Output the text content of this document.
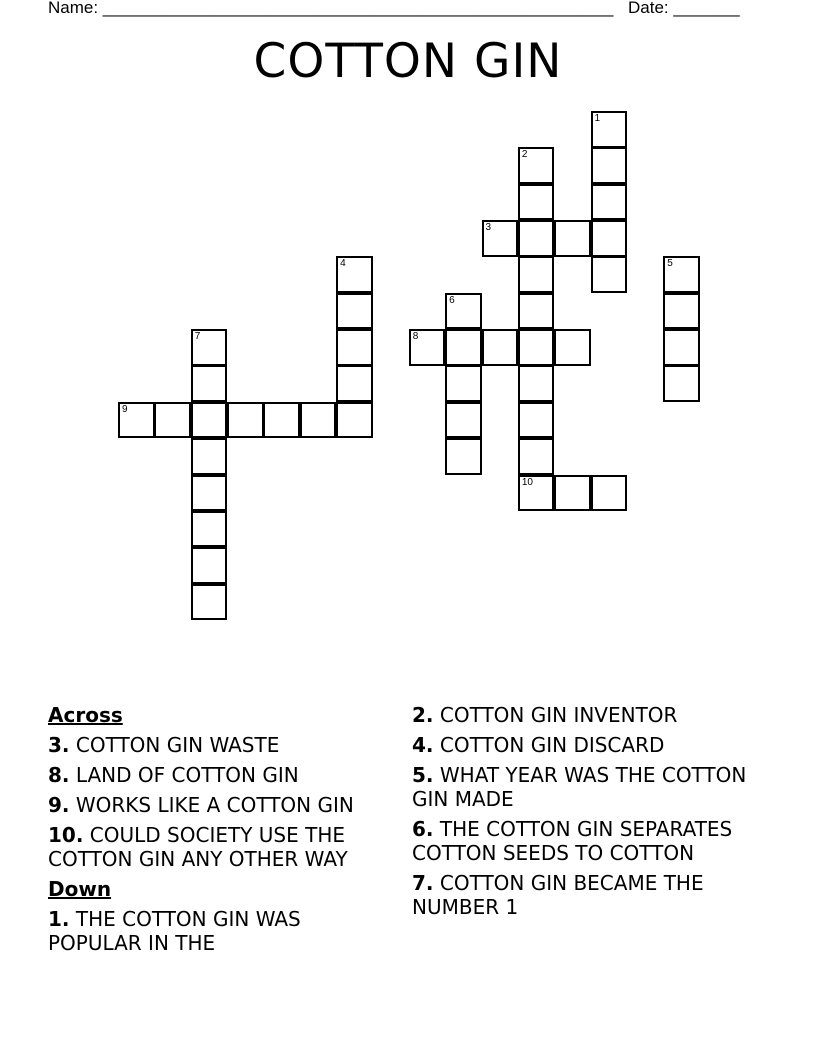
Name: ______________________________________________________ Date: _______
COTTON GIN
1
2
3
4	5
6
7	8
9
10
Across
3. COTTON GIN WASTE
8. LAND OF COTTON GIN
9. WORKS LIKE A COTTON GIN
10. COULD SOCIETY USE THE COTTON GIN ANY OTHER WAY
Down
1. THE COTTON GIN WAS POPULAR IN THE
2. COTTON GIN INVENTOR
4. COTTON GIN DISCARD
5. WHAT YEAR WAS THE COTTON GIN MADE
6. THE COTTON GIN SEPARATES COTTON SEEDS TO COTTON
7. COTTON GIN BECAME THE NUMBER 1
